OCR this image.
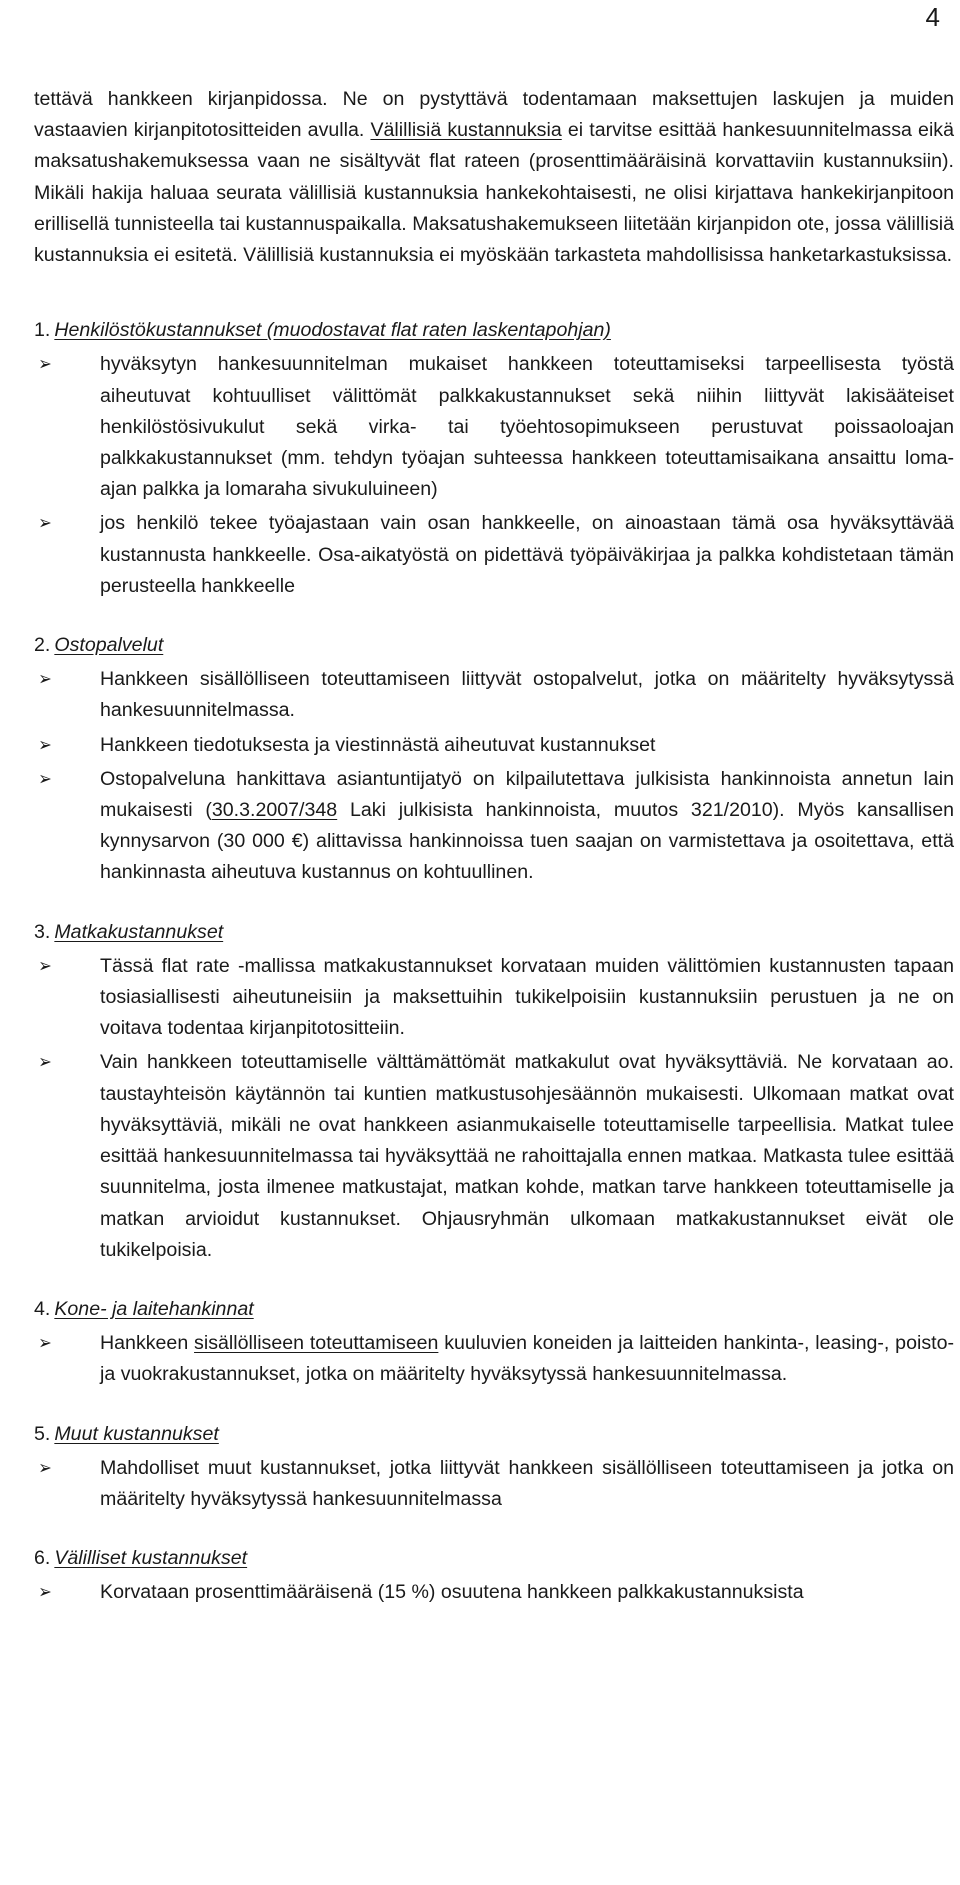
4

tettävä hankkeen kirjanpidossa. Ne on pystyttävä todentamaan maksettujen laskujen ja muiden vastaavien kirjanpitotositteiden avulla. Välillisiä kustannuksia ei tarvitse esittää hankesuunnitelmassa eikä maksatushakemuksessa vaan ne sisältyvät flat rateen (prosenttimääräisinä korvattaviin kustannuksiin). Mikäli hakija haluaa seurata välillisiä kustannuksia hankekohtaisesti, ne olisi kirjattava hankekirjanpitoon erillisellä tunnisteella tai kustannuspaikalla. Maksatushakemukseen liitetään kirjanpidon ote, jossa välillisiä kustannuksia ei esitetä. Välillisiä kustannuksia ei myöskään tarkasteta mahdollisissa hanketarkastuksissa.

1. Henkilöstökustannukset (muodostavat flat raten laskentapohjan)
➢ hyväksytyn hankesuunnitelman mukaiset hankkeen toteuttamiseksi tarpeellisesta työstä aiheutuvat kohtuulliset välittömät palkkakustannukset sekä niihin liittyvät lakisääteiset henkilöstösivukulut sekä virka- tai työehtosopimukseen perustuvat poissaoloajan palkkakustannukset (mm. tehdyn työajan suhteessa hankkeen toteuttamisaikana ansaittu loma-ajan palkka ja lomaraha sivukuluineen)
➢ jos henkilö tekee työajastaan vain osan hankkeelle, on ainoastaan tämä osa hyväksyttävää kustannusta hankkeelle. Osa-aikatyöstä on pidettävä työpäiväkirjaa ja palkka kohdistetaan tämän perusteella hankkeelle
2. Ostopalvelut
➢ Hankkeen sisällölliseen toteuttamiseen liittyvät ostopalvelut, jotka on määritelty hyväksytyssä hankesuunnitelmassa.
➢ Hankkeen tiedotuksesta ja viestinnästä aiheutuvat kustannukset
➢ Ostopalveluna hankittava asiantuntijatyö on kilpailutettava julkisista hankinnoista annetun lain mukaisesti (30.3.2007/348 Laki julkisista hankinnoista, muutos 321/2010). Myös kansallisen kynnysarvon (30 000 €) alittavissa hankinnoissa tuen saajan on varmistettava ja osoitettava, että hankinnasta aiheutuva kustannus on kohtuullinen.
3. Matkakustannukset
➢ Tässä flat rate -mallissa matkakustannukset korvataan muiden välittömien kustannusten tapaan tosiasiallisesti aiheutuneisiin ja maksettuihin tukikelpoisiin kustannuksiin perustuen ja ne on voitava todentaa kirjanpitotositteiin.
➢ Vain hankkeen toteuttamiselle välttämättömät matkakulut ovat hyväksyttäviä. Ne korvataan ao. taustayhteisön käytännön tai kuntien matkustusohjesäännön mukaisesti. Ulkomaan matkat ovat hyväksyttäviä, mikäli ne ovat hankkeen asianmukaiselle toteuttamiselle tarpeellisia. Matkat tulee esittää hankesuunnitelmassa tai hyväksyttää ne rahoittajalla ennen matkaa. Matkasta tulee esittää suunnitelma, josta ilmenee matkustajat, matkan kohde, matkan tarve hankkeen toteuttamiselle ja matkan arvioidut kustannukset. Ohjausryhmän ulkomaan matkakustannukset eivät ole tukikelpoisia.
4. Kone- ja laitehankinnat
➢ Hankkeen sisällölliseen toteuttamiseen kuuluvien koneiden ja laitteiden hankinta-, leasing-, poisto- ja vuokrakustannukset, jotka on määritelty hyväksytyssä hankesuunnitelmassa.
5. Muut kustannukset
➢ Mahdolliset muut kustannukset, jotka liittyvät hankkeen sisällölliseen toteuttamiseen ja jotka on määritelty hyväksytyssä hankesuunnitelmassa
6. Välilliset kustannukset
➢ Korvataan prosenttimääräisenä (15 %) osuutena hankkeen palkkakustannuksista
